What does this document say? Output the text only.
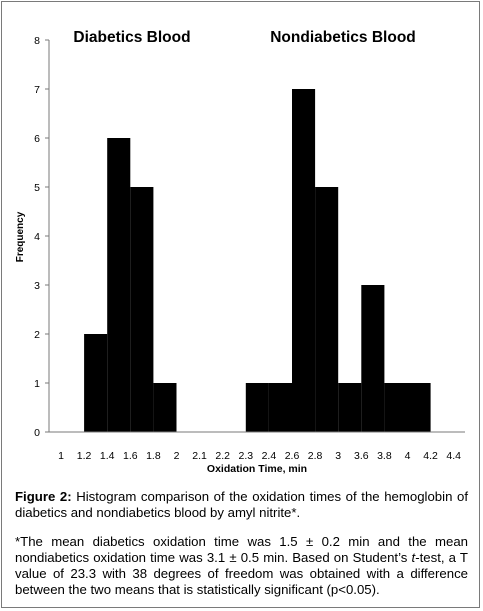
0
1
2
3
4
5
6
7
8
1 1.2 1.4 1.6 1.8 2 2.1 2.2 2.3 2.4 2.6 2.8 3 3.6 3.8 4 4.2 4.4
Diabetics Blood	Nondiabetics Blood
Frequency
Oxidation Time, min
Figure 2: Histogram comparison of the oxidation times of the hemoglobin of diabetics and nondiabetics blood by amyl nitrite*.
*The mean diabetics oxidation time was 1.5 ± 0.2 min and the mean nondiabetics oxidation time was 3.1 ± 0.5 min. Based on Student’s t-test, a T value of 23.3 with 38 degrees of freedom was obtained with a difference between the two means that is statistically significant (p<0.05).
